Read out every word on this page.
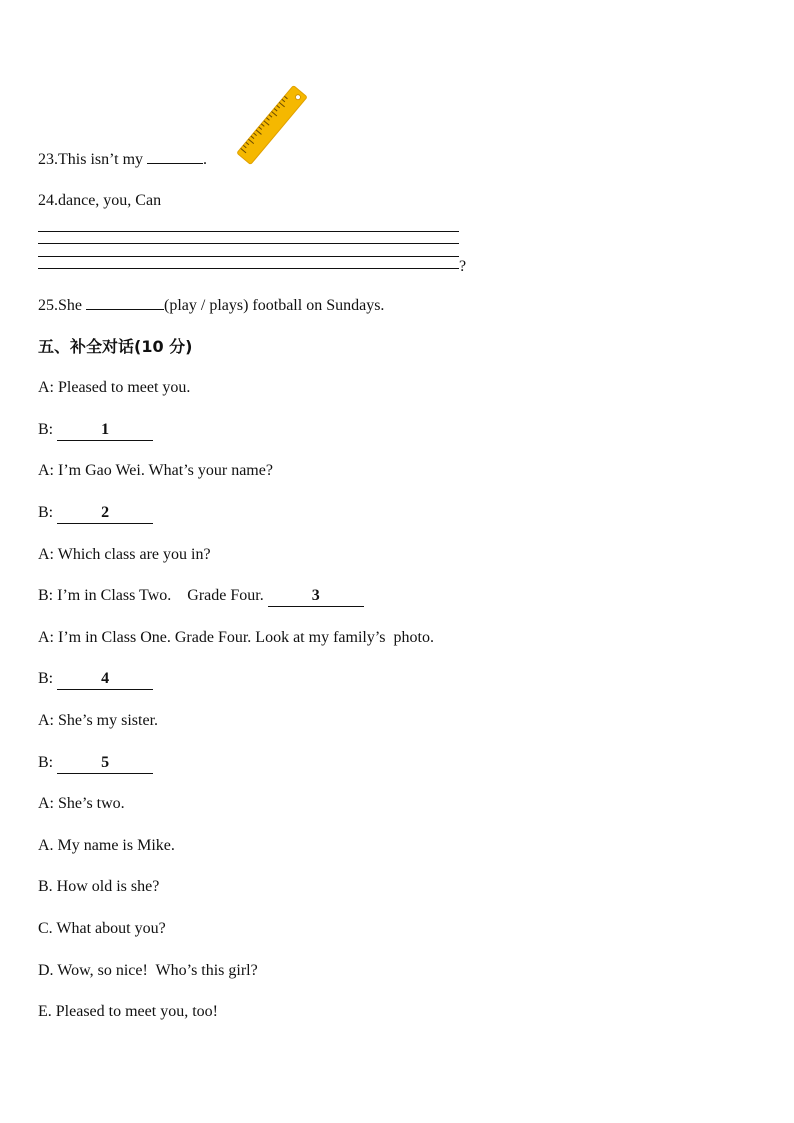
23.This isn’t my	.
24.dance, you, Can
?
25.She	(play / plays) football on Sundays.
五、补全对话(10 分)
A: Pleased to meet you.
B:	1
A: I’m Gao Wei. What’s your name?
B:	2
A: Which class are you in?
B: I’m in Class Two.    Grade Four.	3
A: I’m in Class One. Grade Four. Look at my family’s  photo.
B:	4
A: She’s my sister.
B:	5
A: She’s two.
A. My name is Mike.
B. How old is she?
C. What about you?
D. Wow, so nice!  Who’s this girl?
E. Pleased to meet you, too!
